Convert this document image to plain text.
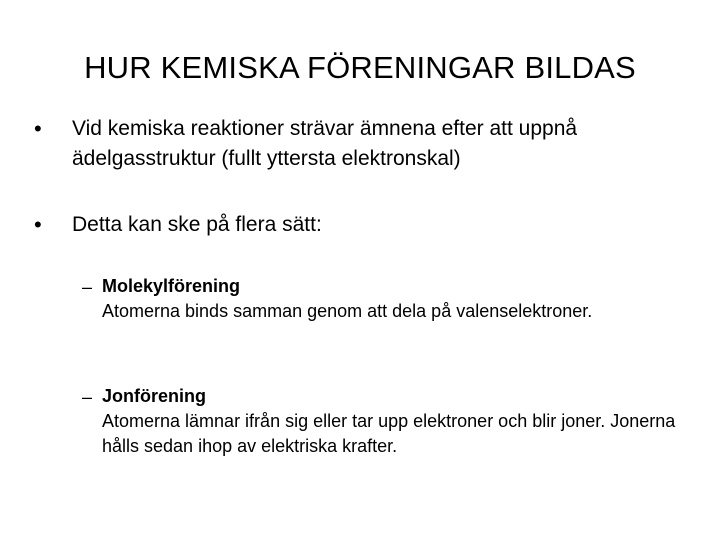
HUR KEMISKA FÖRENINGAR BILDAS
• Vid kemiska reaktioner strävar ämnena efter att uppnå ädelgasstruktur (fullt yttersta elektronskal)
• Detta kan ske på flera sätt:
– Molekylförening
Atomerna binds samman genom att dela på valenselektroner.
– Jonförening
Atomerna lämnar ifrån sig eller tar upp elektroner och blir joner. Jonerna hålls sedan ihop av elektriska krafter.
